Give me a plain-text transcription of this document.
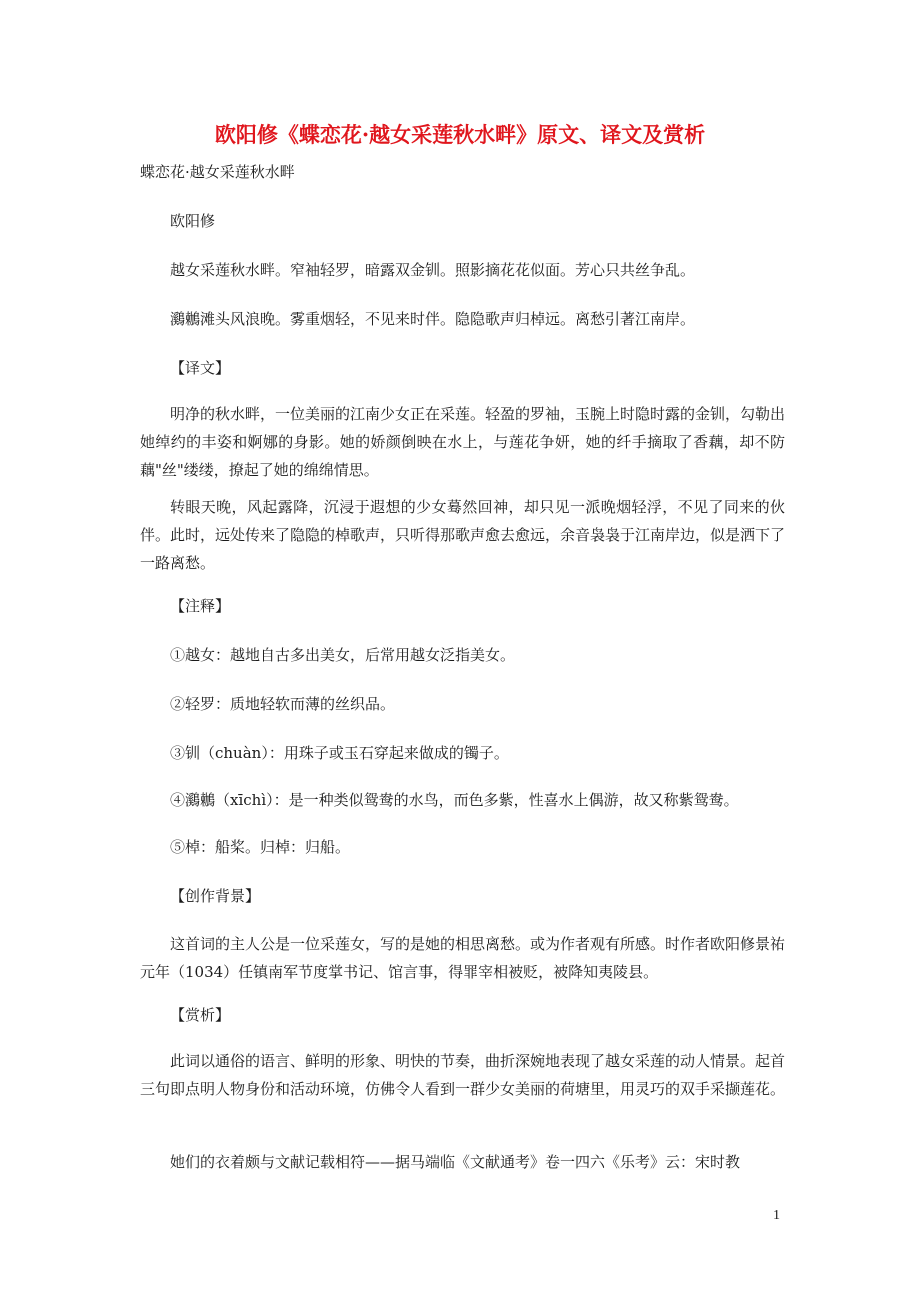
欧阳修《蝶恋花·越女采莲秋水畔》原文、译文及赏析
蝶恋花·越女采莲秋水畔
欧阳修
越女采莲秋水畔。窄袖轻罗，暗露双金钏。照影摘花花似面。芳心只共丝争乱。
鸂鶒滩头风浪晚。雾重烟轻，不见来时伴。隐隐歌声归棹远。离愁引著江南岸。
【译文】
明净的秋水畔，一位美丽的江南少女正在采莲。轻盈的罗袖，玉腕上时隐时露的金钏，勾勒出她绰约的丰姿和婀娜的身影。她的娇颜倒映在水上，与莲花争妍，她的纤手摘取了香藕，却不防藕"丝"缕缕，撩起了她的绵绵情思。
转眼天晚，风起露降，沉浸于遐想的少女蓦然回神，却只见一派晚烟轻浮，不见了同来的伙伴。此时，远处传来了隐隐的棹歌声，只听得那歌声愈去愈远，余音袅袅于江南岸边，似是洒下了一路离愁。
【注释】
①越女：越地自古多出美女，后常用越女泛指美女。
②轻罗：质地轻软而薄的丝织品。
③钏（chuàn）：用珠子或玉石穿起来做成的镯子。
④鸂鶒（xīchì）：是一种类似鸳鸯的水鸟，而色多紫，性喜水上偶游，故又称紫鸳鸯。
⑤棹：船桨。归棹：归船。
【创作背景】
这首词的主人公是一位采莲女，写的是她的相思离愁。或为作者观有所感。时作者欧阳修景祐元年（1034）任镇南军节度掌书记、馆言事，得罪宰相被贬，被降知夷陵县。
【赏析】
此词以通俗的语言、鲜明的形象、明快的节奏，曲折深婉地表现了越女采莲的动人情景。起首三句即点明人物身份和活动环境，仿佛令人看到一群少女美丽的荷塘里，用灵巧的双手采撷莲花。
她们的衣着颇与文献记载相符——据马端临《文献通考》卷一四六《乐考》云：宋时教
1
